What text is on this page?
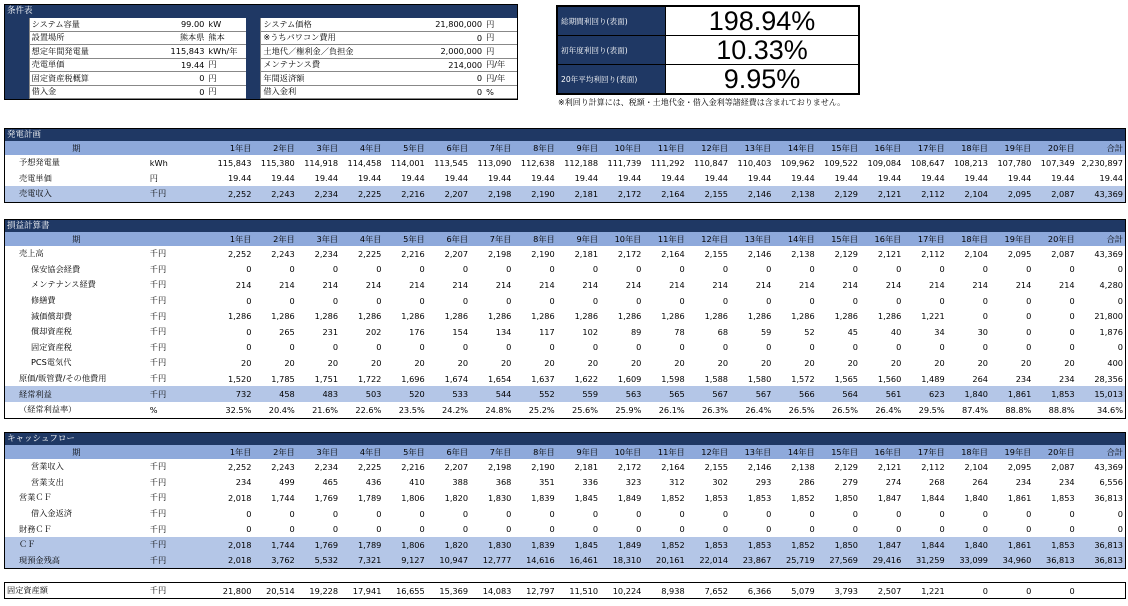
条件表
	システム容量	99.00	kW		システム価格	21,800,000	円
	設置場所	熊本県	熊本		※うちパワコン費用	0	円
	想定年間発電量	115,843	kWh/年		土地代／権利金／負担金	2,000,000	円
	売電単価	19.44	円		メンテナンス費	214,000	円/年
	固定資産税概算	0	円		年間返済額	0	円/年
	借入金	0	円		借入金利	0	%
総期間利回り(表面)	198.94%
初年度利回り(表面)	10.33%
20年平均利回り(表面)	9.95%
※利回り計算には、税額・土地代金・借入金利等諸経費は含まれておりません。
発電計画
期		1年目	2年目	3年目	4年目	5年目	6年目	7年目	8年目	9年目	10年目	11年目	12年目	13年目	14年目	15年目	16年目	17年目	18年目	19年目	20年目	合計
予想発電量	kWh	115,843	115,380	114,918	114,458	114,001	113,545	113,090	112,638	112,188	111,739	111,292	110,847	110,403	109,962	109,522	109,084	108,647	108,213	107,780	107,349	2,230,897
売電単価	円	19.44	19.44	19.44	19.44	19.44	19.44	19.44	19.44	19.44	19.44	19.44	19.44	19.44	19.44	19.44	19.44	19.44	19.44	19.44	19.44	19.44
売電収入	千円	2,252	2,243	2,234	2,225	2,216	2,207	2,198	2,190	2,181	2,172	2,164	2,155	2,146	2,138	2,129	2,121	2,112	2,104	2,095	2,087	43,369
損益計算書
期		1年目	2年目	3年目	4年目	5年目	6年目	7年目	8年目	9年目	10年目	11年目	12年目	13年目	14年目	15年目	16年目	17年目	18年目	19年目	20年目	合計
売上高	千円	2,252	2,243	2,234	2,225	2,216	2,207	2,198	2,190	2,181	2,172	2,164	2,155	2,146	2,138	2,129	2,121	2,112	2,104	2,095	2,087	43,369
保安協会経費	千円	0	0	0	0	0	0	0	0	0	0	0	0	0	0	0	0	0	0	0	0	0
メンテナンス経費	千円	214	214	214	214	214	214	214	214	214	214	214	214	214	214	214	214	214	214	214	214	4,280
修繕費	千円	0	0	0	0	0	0	0	0	0	0	0	0	0	0	0	0	0	0	0	0	0
減価償却費	千円	1,286	1,286	1,286	1,286	1,286	1,286	1,286	1,286	1,286	1,286	1,286	1,286	1,286	1,286	1,286	1,286	1,221	0	0	0	21,800
償却資産税	千円	0	265	231	202	176	154	134	117	102	89	78	68	59	52	45	40	34	30	0	0	1,876
固定資産税	千円	0	0	0	0	0	0	0	0	0	0	0	0	0	0	0	0	0	0	0	0	0
PCS電気代	千円	20	20	20	20	20	20	20	20	20	20	20	20	20	20	20	20	20	20	20	20	400
原価/販管費/その他費用	千円	1,520	1,785	1,751	1,722	1,696	1,674	1,654	1,637	1,622	1,609	1,598	1,588	1,580	1,572	1,565	1,560	1,489	264	234	234	28,356
経常利益	千円	732	458	483	503	520	533	544	552	559	563	565	567	567	566	564	561	623	1,840	1,861	1,853	15,013
（経常利益率）	%	32.5%	20.4%	21.6%	22.6%	23.5%	24.2%	24.8%	25.2%	25.6%	25.9%	26.1%	26.3%	26.4%	26.5%	26.5%	26.4%	29.5%	87.4%	88.8%	88.8%	34.6%
キャッシュフロー
期		1年目	2年目	3年目	4年目	5年目	6年目	7年目	8年目	9年目	10年目	11年目	12年目	13年目	14年目	15年目	16年目	17年目	18年目	19年目	20年目	合計
営業収入	千円	2,252	2,243	2,234	2,225	2,216	2,207	2,198	2,190	2,181	2,172	2,164	2,155	2,146	2,138	2,129	2,121	2,112	2,104	2,095	2,087	43,369
営業支出	千円	234	499	465	436	410	388	368	351	336	323	312	302	293	286	279	274	268	264	234	234	6,556
営業ＣＦ	千円	2,018	1,744	1,769	1,789	1,806	1,820	1,830	1,839	1,845	1,849	1,852	1,853	1,853	1,852	1,850	1,847	1,844	1,840	1,861	1,853	36,813
借入金返済	千円	0	0	0	0	0	0	0	0	0	0	0	0	0	0	0	0	0	0	0	0	0
財務ＣＦ	千円	0	0	0	0	0	0	0	0	0	0	0	0	0	0	0	0	0	0	0	0	0
ＣＦ	千円	2,018	1,744	1,769	1,789	1,806	1,820	1,830	1,839	1,845	1,849	1,852	1,853	1,853	1,852	1,850	1,847	1,844	1,840	1,861	1,853	36,813
現預金残高	千円	2,018	3,762	5,532	7,321	9,127	10,947	12,777	14,616	16,461	18,310	20,161	22,014	23,867	25,719	27,569	29,416	31,259	33,099	34,960	36,813	36,813
固定資産額	千円	21,800	20,514	19,228	17,941	16,655	15,369	14,083	12,797	11,510	10,224	8,938	7,652	6,366	5,079	3,793	2,507	1,221	0	0	0	
